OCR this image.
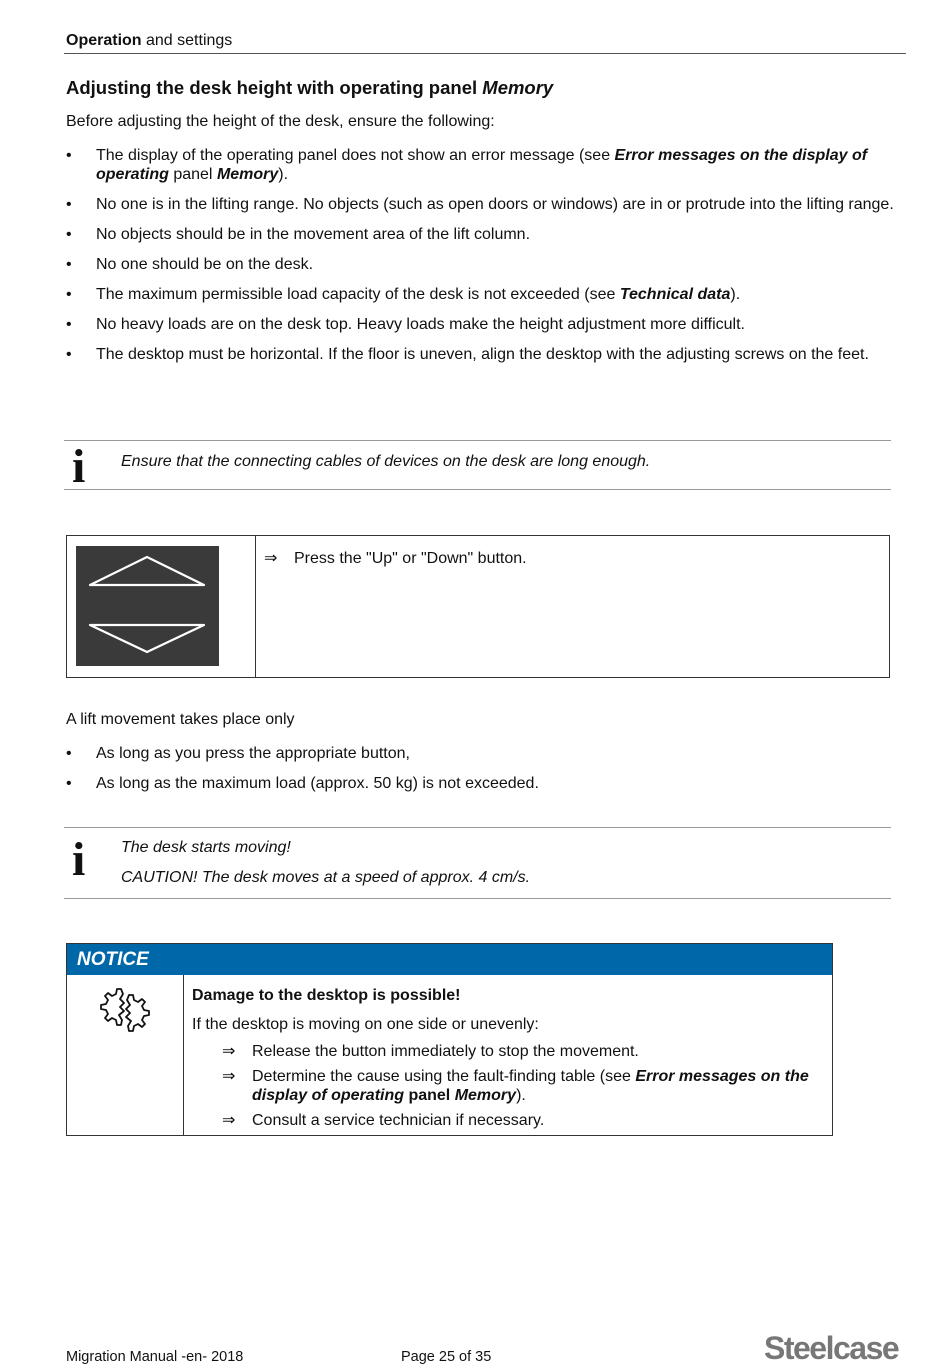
Operation and settings
Adjusting the desk height with operating panel Memory
Before adjusting the height of the desk, ensure the following:
• The display of the operating panel does not show an error message (see Error messages on the display of operating panel Memory).
• No one is in the lifting range. No objects (such as open doors or windows) are in or protrude into the lifting range.
• No objects should be in the movement area of the lift column.
• No one should be on the desk.
• The maximum permissible load capacity of the desk is not exceeded (see Technical data).
• No heavy loads are on the desk top. Heavy loads make the height adjustment more difficult.
• The desktop must be horizontal. If the floor is uneven, align the desktop with the adjusting screws on the feet.
i Ensure that the connecting cables of devices on the desk are long enough.
⇒ Press the "Up" or "Down" button.
A lift movement takes place only
• As long as you press the appropriate button,
• As long as the maximum load (approx. 50 kg) is not exceeded.
i The desk starts moving!
CAUTION! The desk moves at a speed of approx. 4 cm/s.
NOTICE
Damage to the desktop is possible!
If the desktop is moving on one side or unevenly:
⇒ Release the button immediately to stop the movement.
⇒ Determine the cause using the fault-finding table (see Error messages on the display of operating panel Memory).
⇒ Consult a service technician if necessary.
Migration Manual -en- 2018	Page 25 of 35	Steelcase
